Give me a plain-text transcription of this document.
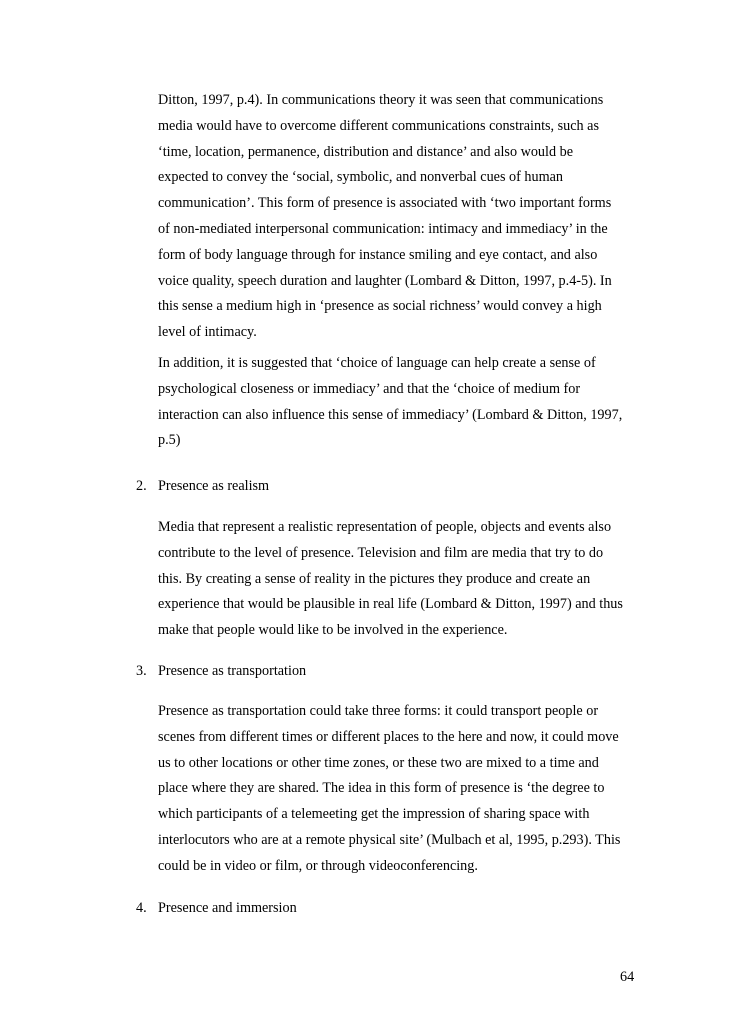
Ditton, 1997, p.4). In communications theory it was seen that communications
media would have to overcome different communications constraints, such as
‘time, location, permanence, distribution and distance’ and also would be
expected to convey the ‘social, symbolic, and nonverbal cues of human
communication’. This form of presence is associated with ‘two important forms
of non-mediated interpersonal communication: intimacy and immediacy’ in the
form of body language through for instance smiling and eye contact, and also
voice quality, speech duration and laughter (Lombard & Ditton, 1997, p.4-5). In
this sense a medium high in ‘presence as social richness’ would convey a high
level of intimacy.

In addition, it is suggested that ‘choice of language can help create a sense of
psychological closeness or immediacy’ and that the ‘choice of medium for
interaction can also influence this sense of immediacy’ (Lombard & Ditton, 1997,
p.5)

2. Presence as realism

Media that represent a realistic representation of people, objects and events also
contribute to the level of presence. Television and film are media that try to do
this. By creating a sense of reality in the pictures they produce and create an
experience that would be plausible in real life (Lombard & Ditton, 1997) and thus
make that people would like to be involved in the experience.

3. Presence as transportation

Presence as transportation could take three forms: it could transport people or
scenes from different times or different places to the here and now, it could move
us to other locations or other time zones, or these two are mixed to a time and
place where they are shared. The idea in this form of presence is ‘the degree to
which participants of a telemeeting get the impression of sharing space with
interlocutors who are at a remote physical site’ (Mulbach et al, 1995, p.293). This
could be in video or film, or through videoconferencing.

4. Presence and immersion

64
